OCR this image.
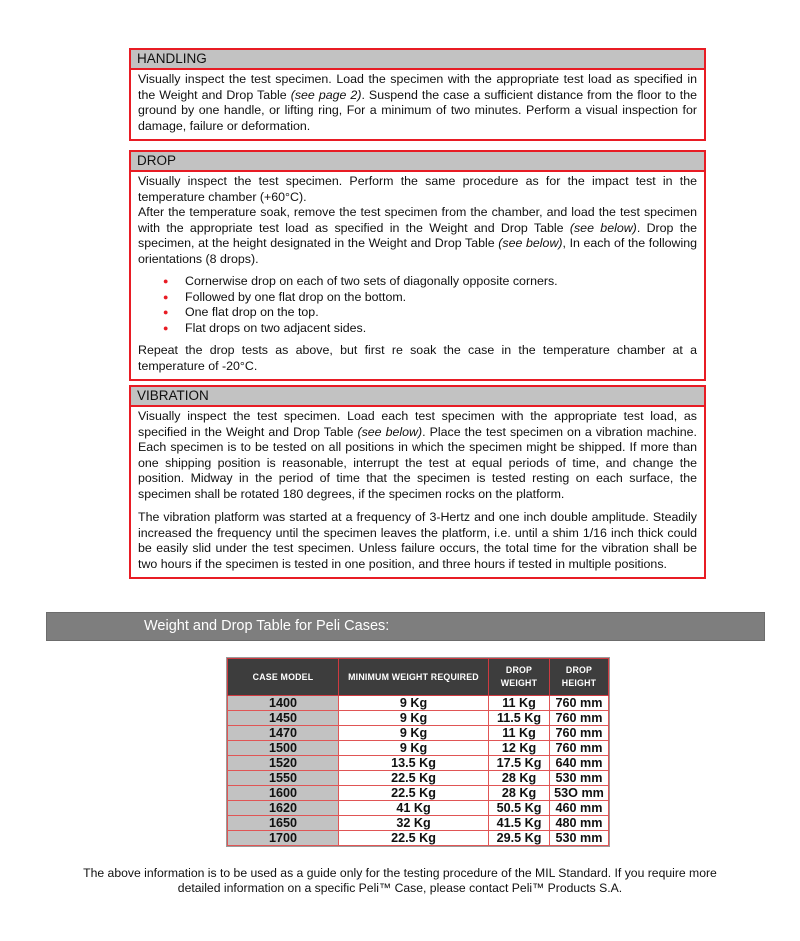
HANDLING

Visually inspect the test specimen. Load the specimen with the appropriate test load as specified in the Weight and Drop Table (see page 2). Suspend the case a sufficient distance from the floor to the ground by one handle, or lifting ring, For a minimum of two minutes. Perform a visual inspection for damage, failure or deformation.

DROP

Visually inspect the test specimen. Perform the same procedure as for the impact test in the temperature chamber (+60°C).

After the temperature soak, remove the test specimen from the chamber, and load the test specimen with the appropriate test load as specified in the Weight and Drop Table (see below). Drop the specimen, at the height designated in the Weight and Drop Table (see below), In each of the following orientations (8 drops).

● Cornerwise drop on each of two sets of diagonally opposite corners.
● Followed by one flat drop on the bottom.
● One flat drop on the top.
● Flat drops on two adjacent sides.

Repeat the drop tests as above, but first re soak the case in the temperature chamber at a temperature of -20°C.

VIBRATION

Visually inspect the test specimen. Load each test specimen with the appropriate test load, as specified in the Weight and Drop Table (see below). Place the test specimen on a vibration machine. Each specimen is to be tested on all positions in which the specimen might be shipped. If more than one shipping position is reasonable, interrupt the test at equal periods of time, and change the position. Midway in the period of time that the specimen is tested resting on each surface, the specimen shall be rotated 180 degrees, if the specimen rocks on the platform.

The vibration platform was started at a frequency of 3-Hertz and one inch double amplitude. Steadily increased the frequency until the specimen leaves the platform, i.e. until a shim 1/16 inch thick could be easily slid under the test specimen. Unless failure occurs, the total time for the vibration shall be two hours if the specimen is tested in one position, and three hours if tested in multiple positions.

Weight and Drop Table for Peli Cases:
CASE MODEL	MINIMUM WEIGHT REQUIRED	DROP WEIGHT	DROP HEIGHT
1400	9 Kg	11 Kg	760 mm
1450	9 Kg	11.5 Kg	760 mm
1470	9 Kg	11 Kg	760 mm
1500	9 Kg	12 Kg	760 mm
1520	13.5 Kg	17.5 Kg	640 mm
1550	22.5 Kg	28 Kg	530 mm
1600	22.5 Kg	28 Kg	53O mm
1620	41 Kg	50.5 Kg	460 mm
1650	32 Kg	41.5 Kg	480 mm
1700	22.5 Kg	29.5 Kg	530 mm

The above information is to be used as a guide only for the testing procedure of the MIL Standard. If you require more

detailed information on a specific Peli™ Case, please contact Peli™ Products S.A.
